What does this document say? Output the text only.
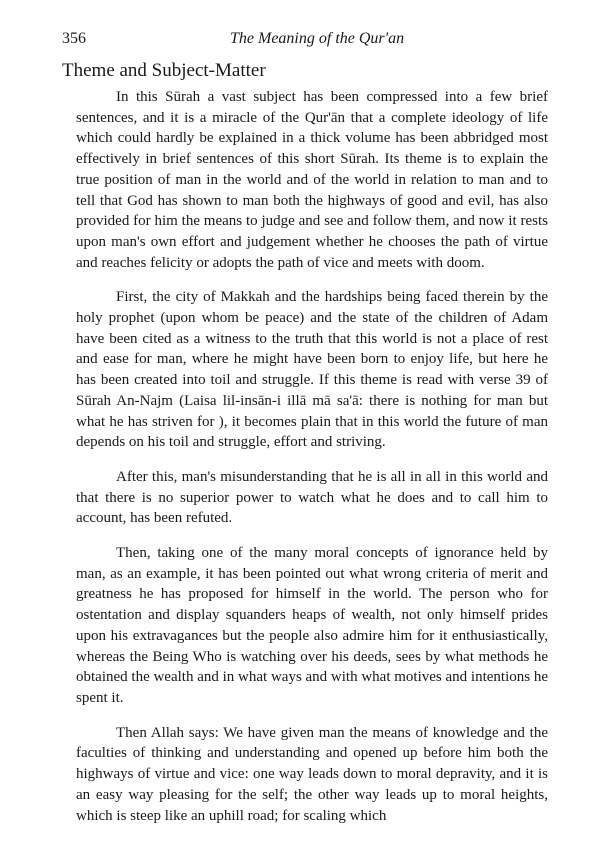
356	The Meaning of the Qur'an
Theme and Subject-Matter

In this Sūrah a vast subject has been compressed into a few brief sentences, and it is a miracle of the Qur'ān that a complete ideology of life which could hardly be explained in a thick volume has been abbridged most effectively in brief sentences of this short Sūrah. Its theme is to explain the true position of man in the world and of the world in relation to man and to tell that God has shown to man both the highways of good and evil, has also provided for him the means to judge and see and follow them, and now it rests upon man's own effort and judgement whether he chooses the path of virtue and reaches felicity or adopts the path of vice and meets with doom.

First, the city of Makkah and the hardships being faced therein by the holy prophet (upon whom be peace) and the state of the children of Adam have been cited as a witness to the truth that this world is not a place of rest and ease for man, where he might have been born to enjoy life, but here he has been created into toil and struggle. If this theme is read with verse 39 of Sūrah An-Najm (Laisa lil-insān-i illā mā sa'ā: there is nothing for man but what he has striven for ), it becomes plain that in this world the future of man depends on his toil and struggle, effort and striving.

After this, man's misunderstanding that he is all in all in this world and that there is no superior power to watch what he does and to call him to account, has been refuted.

Then, taking one of the many moral concepts of ignorance held by man, as an example, it has been pointed out what wrong criteria of merit and greatness he has proposed for himself in the world. The person who for ostentation and display squanders heaps of wealth, not only himself prides upon his extravagances but the people also admire him for it enthusiastically, whereas the Being Who is watching over his deeds, sees by what methods he obtained the wealth and in what ways and with what motives and intentions he spent it.

Then Allah says: We have given man the means of knowledge and the faculties of thinking and understanding and opened up before him both the highways of virtue and vice: one way leads down to moral depravity, and it is an easy way pleasing for the self; the other way leads up to moral heights, which is steep like an uphill road; for scaling which
